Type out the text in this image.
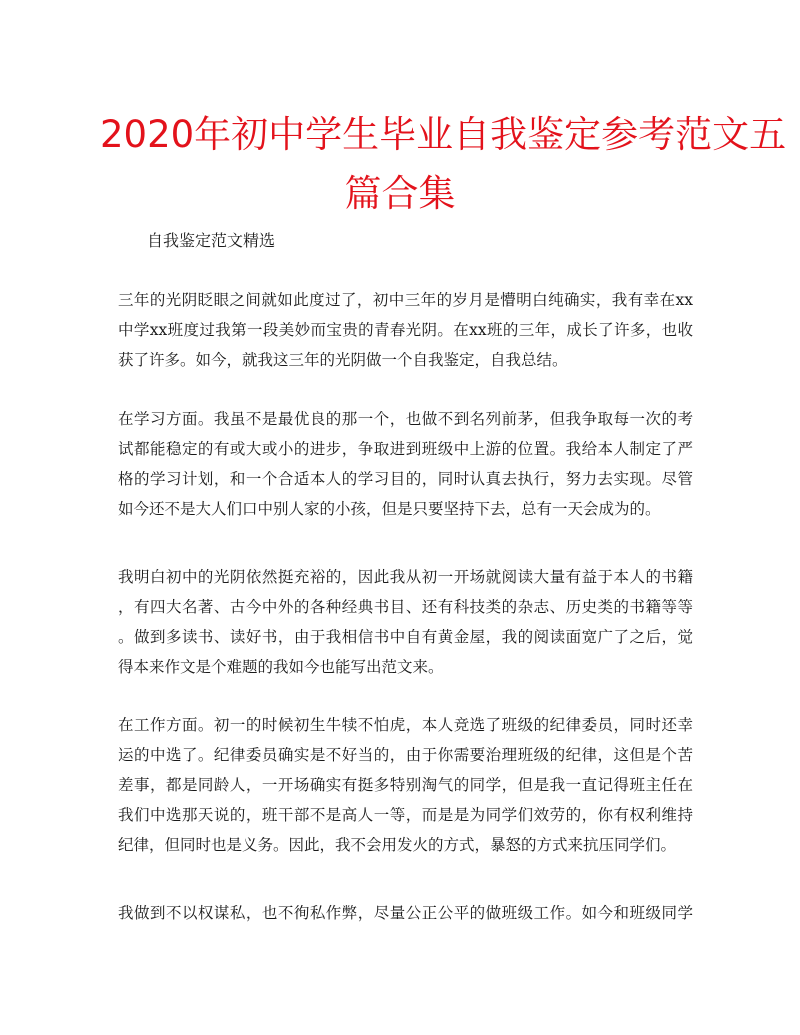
2020年初中学生毕业自我鉴定参考范文五
篇合集
自我鉴定范文精选
三年的光阴眨眼之间就如此度过了，初中三年的岁月是懵明白纯确实，我有幸在xx
中学xx班度过我第一段美妙而宝贵的青春光阴。在xx班的三年，成长了许多，也收
获了许多。如今，就我这三年的光阴做一个自我鉴定，自我总结。
在学习方面。我虽不是最优良的那一个，也做不到名列前茅，但我争取每一次的考
试都能稳定的有或大或小的进步，争取进到班级中上游的位置。我给本人制定了严
格的学习计划，和一个合适本人的学习目的，同时认真去执行，努力去实现。尽管
如今还不是大人们口中别人家的小孩，但是只要坚持下去，总有一天会成为的。
我明白初中的光阴依然挺充裕的，因此我从初一开场就阅读大量有益于本人的书籍
，有四大名著、古今中外的各种经典书目、还有科技类的杂志、历史类的书籍等等
。做到多读书、读好书，由于我相信书中自有黄金屋，我的阅读面宽广了之后，觉
得本来作文是个难题的我如今也能写出范文来。
在工作方面。初一的时候初生牛犊不怕虎，本人竞选了班级的纪律委员，同时还幸
运的中选了。纪律委员确实是不好当的，由于你需要治理班级的纪律，这但是个苦
差事，都是同龄人，一开场确实有挺多特别淘气的同学，但是我一直记得班主任在
我们中选那天说的，班干部不是高人一等，而是是为同学们效劳的，你有权利维持
纪律，但同时也是义务。因此，我不会用发火的方式，暴怒的方式来抗压同学们。
我做到不以权谋私，也不徇私作弊，尽量公正公平的做班级工作。如今和班级同学
